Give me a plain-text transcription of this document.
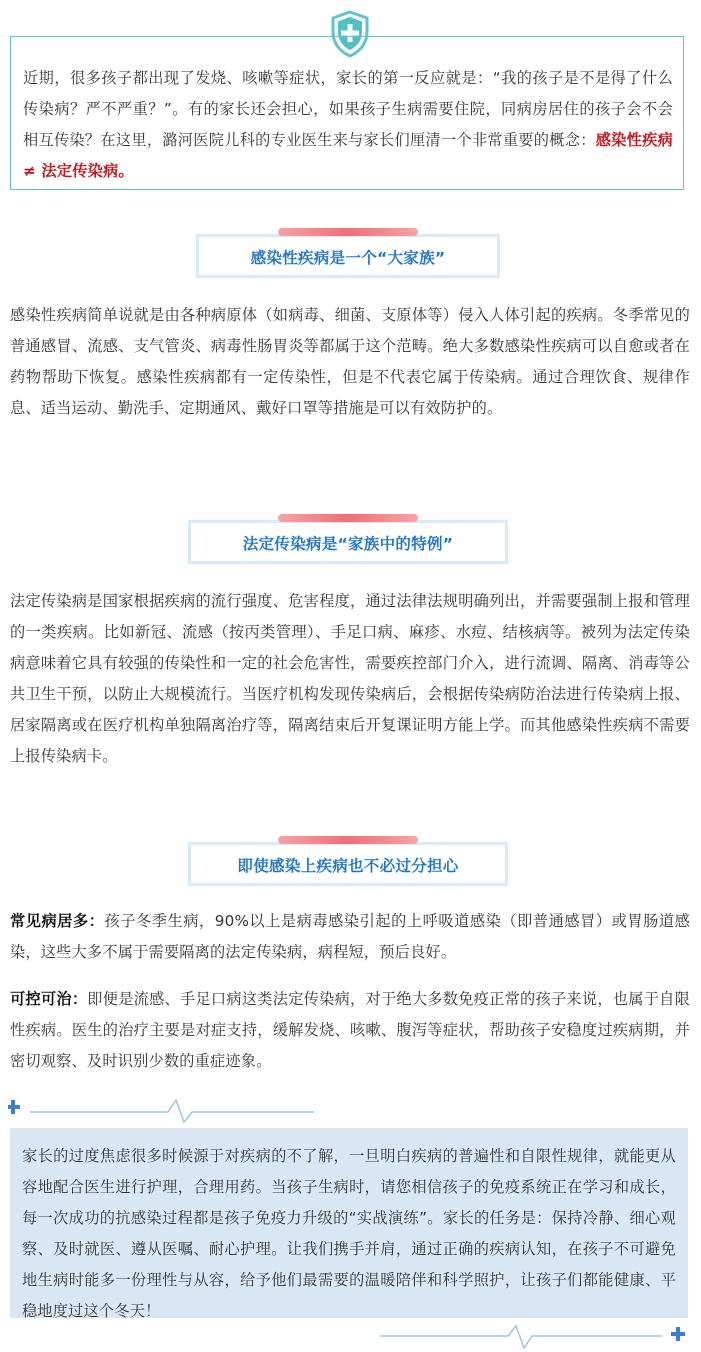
近期，很多孩子都出现了发烧、咳嗽等症状，家长的第一反应就是：“我的孩子是不是得了什么传染病？严不严重？”。有的家长还会担心，如果孩子生病需要住院，同病房居住的孩子会不会相互传染？在这里，潞河医院儿科的专业医生来与家长们厘清一个非常重要的概念：感染性疾病 ≠ 法定传染病。
感染性疾病是一个“大家族”
感染性疾病简单说就是由各种病原体（如病毒、细菌、支原体等）侵入人体引起的疾病。冬季常见的普通感冒、流感、支气管炎、病毒性肠胃炎等都属于这个范畴。绝大多数感染性疾病可以自愈或者在药物帮助下恢复。感染性疾病都有一定传染性，但是不代表它属于传染病。通过合理饮食、规律作息、适当运动、勤洗手、定期通风、戴好口罩等措施是可以有效防护的。
法定传染病是“家族中的特例”
法定传染病是国家根据疾病的流行强度、危害程度，通过法律法规明确列出，并需要强制上报和管理的一类疾病。比如新冠、流感（按丙类管理）、手足口病、麻疹、水痘、结核病等。被列为法定传染病意味着它具有较强的传染性和一定的社会危害性，需要疾控部门介入，进行流调、隔离、消毒等公共卫生干预，以防止大规模流行。当医疗机构发现传染病后，会根据传染病防治法进行传染病上报、居家隔离或在医疗机构单独隔离治疗等，隔离结束后开复课证明方能上学。而其他感染性疾病不需要上报传染病卡。
即使感染上疾病也不必过分担心
常见病居多：孩子冬季生病，90%以上是病毒感染引起的上呼吸道感染（即普通感冒）或胃肠道感染，这些大多不属于需要隔离的法定传染病，病程短，预后良好。
可控可治：即便是流感、手足口病这类法定传染病，对于绝大多数免疫正常的孩子来说，也属于自限性疾病。医生的治疗主要是对症支持，缓解发烧、咳嗽、腹泻等症状，帮助孩子安稳度过疾病期，并密切观察、及时识别少数的重症迹象。
家长的过度焦虑很多时候源于对疾病的不了解，一旦明白疾病的普遍性和自限性规律，就能更从容地配合医生进行护理，合理用药。当孩子生病时，请您相信孩子的免疫系统正在学习和成长，每一次成功的抗感染过程都是孩子免疫力升级的“实战演练”。家长的任务是：保持冷静、细心观察、及时就医、遵从医嘱、耐心护理。让我们携手并肩，通过正确的疾病认知，在孩子不可避免地生病时能多一份理性与从容，给予他们最需要的温暖陪伴和科学照护，让孩子们都能健康、平稳地度过这个冬天！
